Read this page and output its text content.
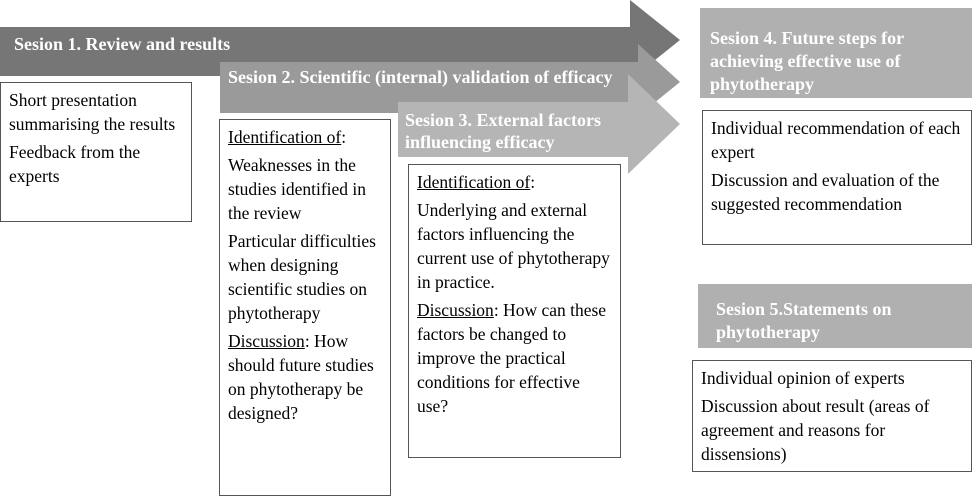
Sesion 1. Review and results
Sesion 2. Scientific (internal) validation of efficacy
Sesion 3. External factors influencing efficacy
Sesion 4. Future steps for achieving effective use of phytotherapy
Sesion 5.Statements on phytotherapy

Short presentation summarising the results

Feedback from the experts

Identification of:

Weaknesses in the studies identified in the review

Particular difficulties when designing scientific studies on phytotherapy

Discussion: How should future studies on phytotherapy be designed?

Identification of:

Underlying and external factors influencing the current use of phytotherapy in practice.

Discussion: How can these factors be changed to improve the practical conditions for effective use?

Individual recommendation of each expert

Discussion and evaluation of the suggested recommendation

Individual opinion of experts

Discussion about result (areas of agreement and reasons for dissensions)
